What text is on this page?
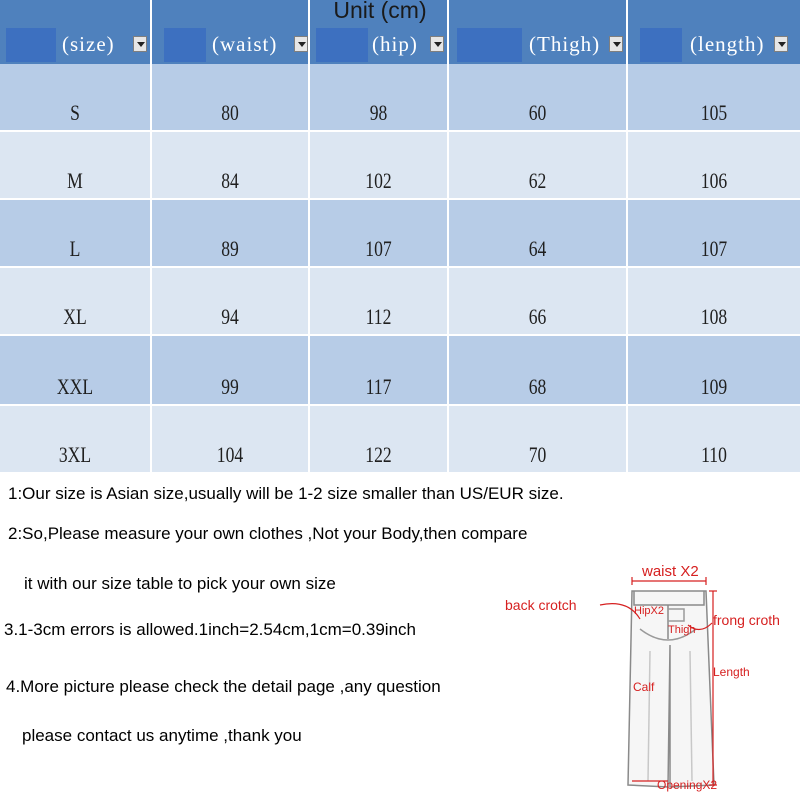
(size)	(waist)	(hip)	(Thigh)	(length)
Unit (cm)
S	80	98	60	105
M	84	102	62	106
L	89	107	64	107
XL	94	112	66	108
XXL	99	117	68	109
3XL	104	122	70	110
1:Our size is Asian size,usually will be 1-2 size smaller than US/EUR size.
2:So,Please measure your own clothes ,Not your Body,then compare
it with our size table to pick your own size
3.1-3cm errors is allowed.1inch=2.54cm,1cm=0.39inch
4.More picture please check the detail page ,any question
please contact us anytime ,thank you
waist X2
back crotch
frong croth
HipX2
Thigh
Length
Calf
OpeningX2
